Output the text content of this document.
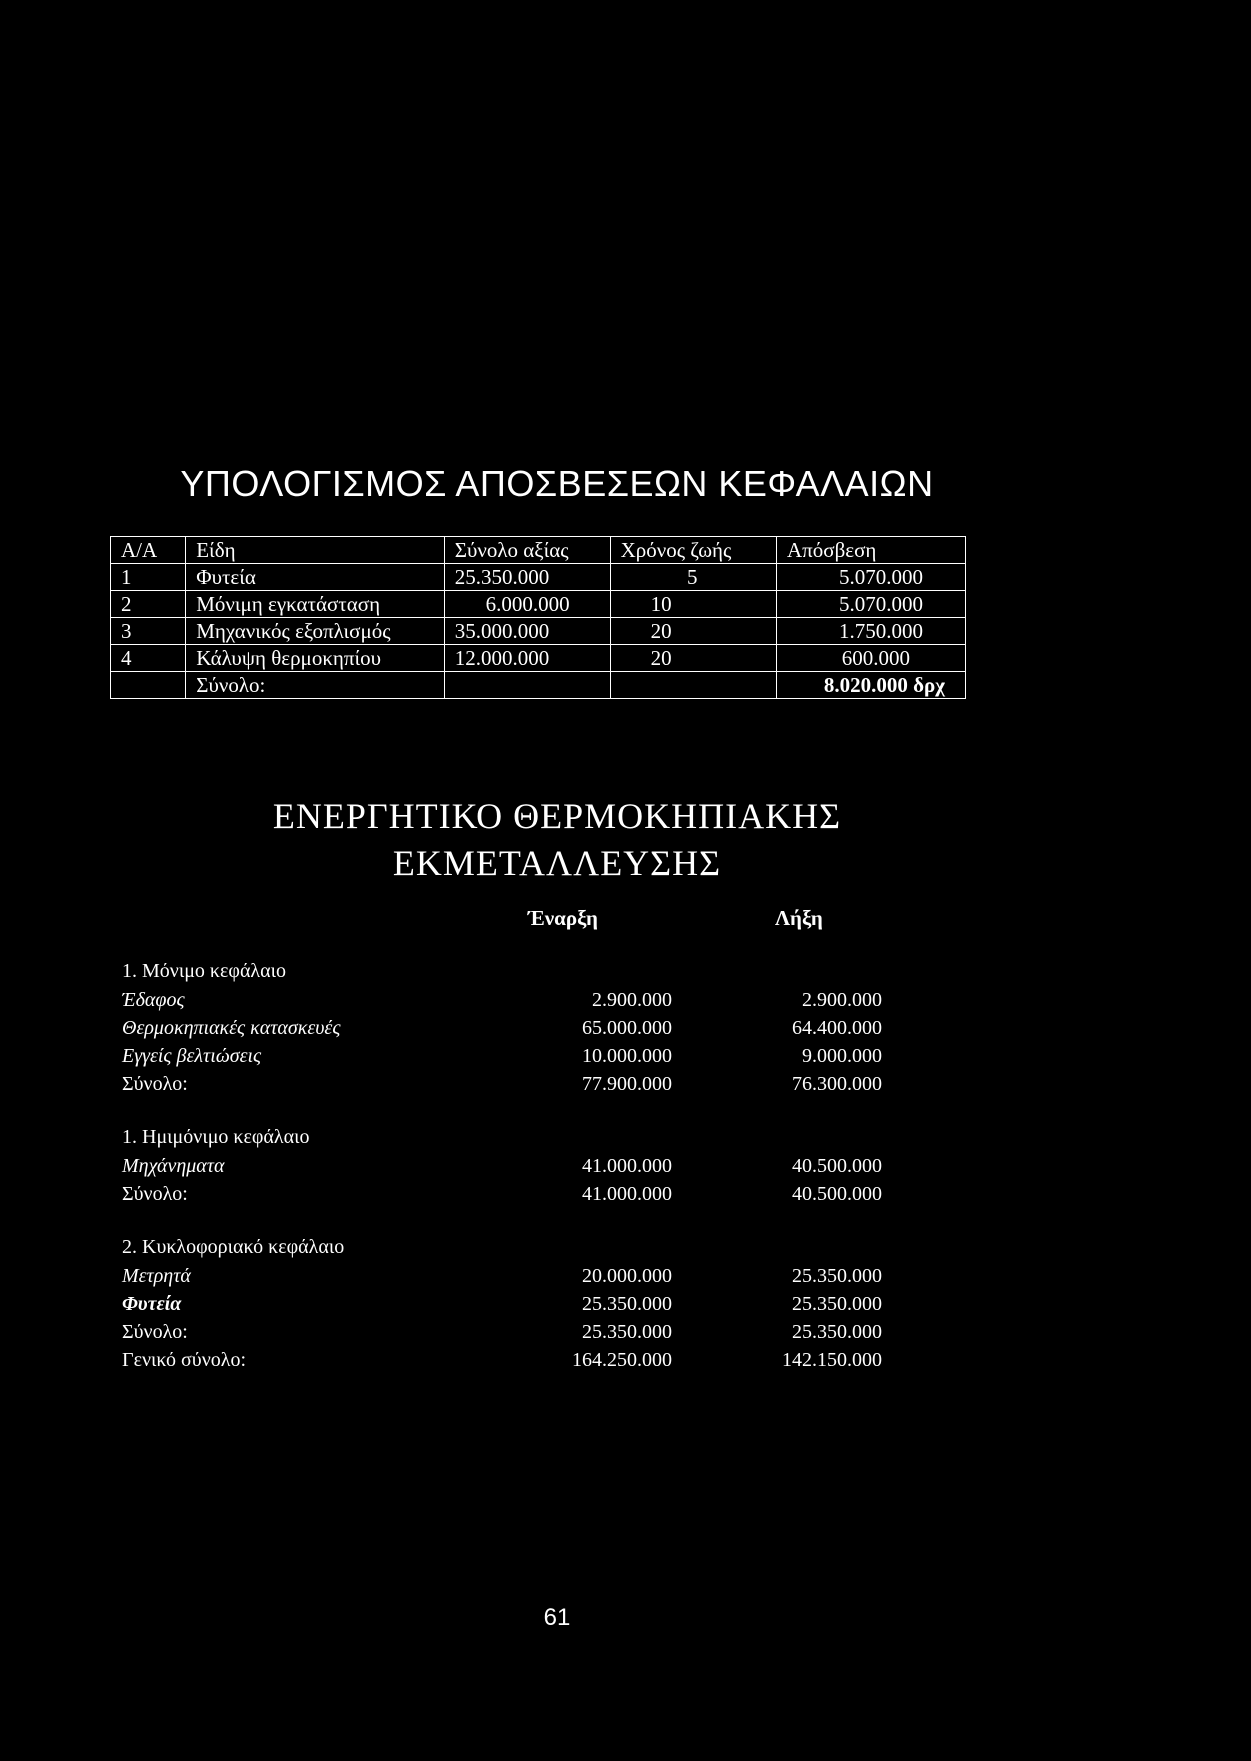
ΥΠΟΛΟΓΙΣΜΟΣ ΑΠΟΣΒΕΣΕΩΝ ΚΕΦΑΛΑΙΩΝ
Α/Α	Είδη	Σύνολο αξίας	Χρόνος ζωής	Απόσβεση
1	Φυτεία	25.350.000	5	5.070.000
2	Μόνιμη εγκατάσταση	6.000.000	10	5.070.000
3	Μηχανικός εξοπλισμός	35.000.000	20	1.750.000
4	Κάλυψη θερμοκηπίου	12.000.000	20	600.000
	Σύνολο:			8.020.000 δρχ
ΕΝΕΡΓΗΤΙΚΟ ΘΕΡΜΟΚΗΠΙΑΚΗΣ
ΕΚΜΕΤΑΛΛΕΥΣΗΣ
Έναρξη	Λήξη
1. Μόνιμο κεφάλαιο
Έδαφος	2.900.000	2.900.000
Θερμοκηπιακές κατασκευές	65.000.000	64.400.000
Εγγείς βελτιώσεις	10.000.000	9.000.000
Σύνολο:	77.900.000	76.300.000
1. Ημιμόνιμο κεφάλαιο
Μηχάνηματα	41.000.000	40.500.000
Σύνολο:	41.000.000	40.500.000
2. Κυκλοφοριακό κεφάλαιο
Μετρητά	20.000.000	25.350.000
Φυτεία	25.350.000	25.350.000
Σύνολο:	25.350.000	25.350.000
Γενικό σύνολο:	164.250.000	142.150.000
61
